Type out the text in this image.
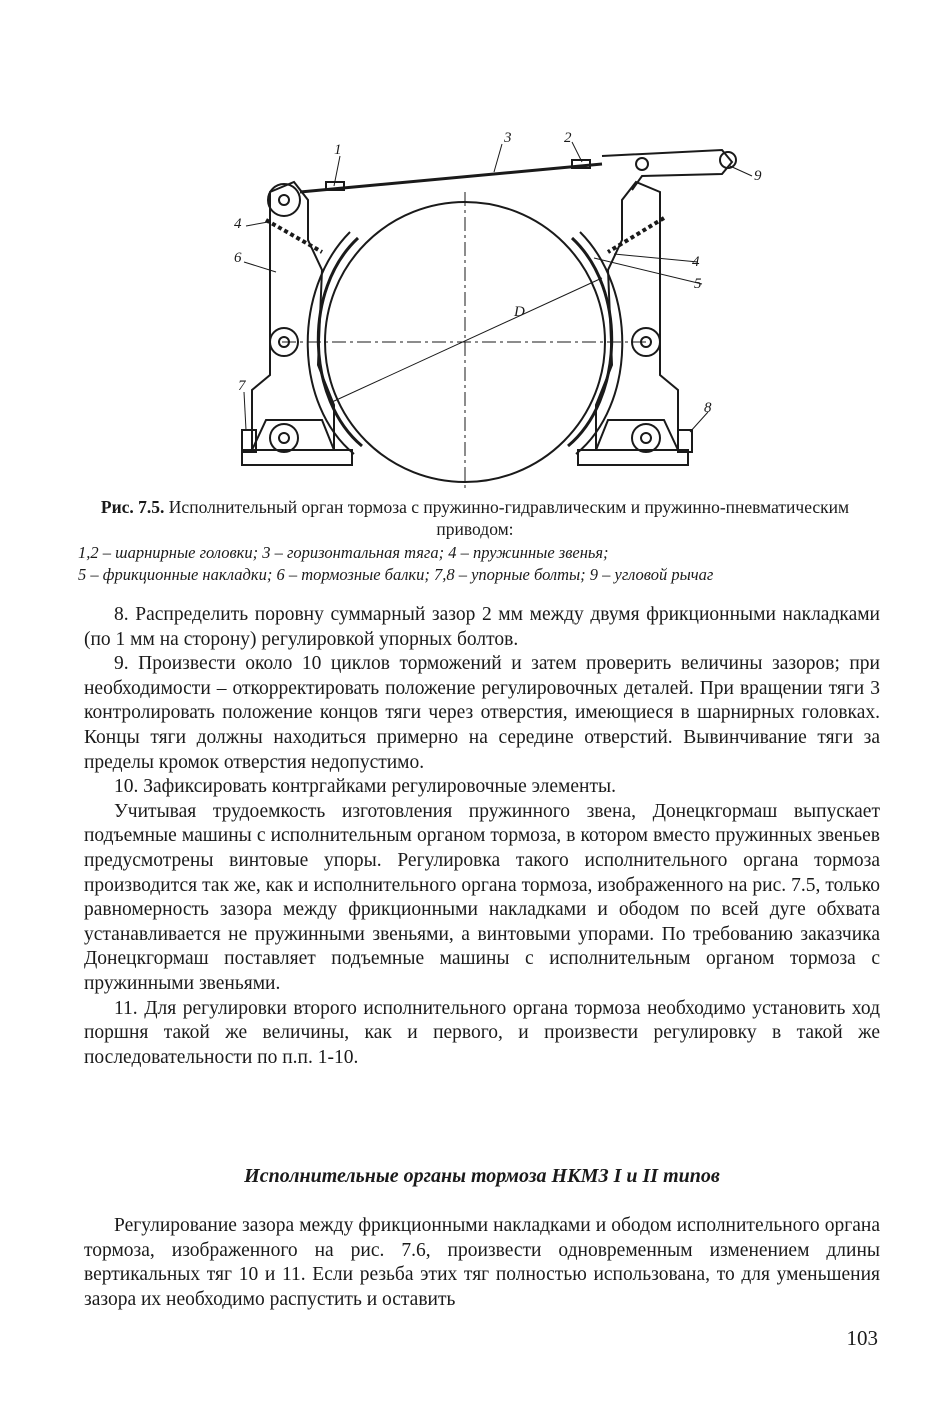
1
3	2
9
4
6	4
5
D
7
8
Рис. 7.5. Исполнительный орган тормоза с пружинно-гидравлическим и пружинно-пневматическим приводом:
1,2 – шарнирные головки; 3 – горизонтальная тяга; 4 – пружинные звенья;
5 – фрикционные накладки; 6 – тормозные балки; 7,8 – упорные болты; 9 – угловой рычаг

8. Распределить поровну суммарный зазор 2 мм между двумя фрикционными накладками (по 1 мм на сторону) регулировкой упорных болтов.

9. Произвести около 10 циклов торможений и затем проверить величины зазоров; при необходимости – откорректировать положение регулировочных деталей. При вращении тяги 3 контролировать положение концов тяги через отверстия, имеющиеся в шарнирных головках. Концы тяги должны находиться примерно на середине отверстий. Вывинчивание тяги за пределы кромок отверстия недопустимо.

10. Зафиксировать контргайками регулировочные элементы.

Учитывая трудоемкость изготовления пружинного звена, Донецкгормаш выпускает подъемные машины с исполнительным органом тормоза, в котором вместо пружинных звеньев предусмотрены винтовые упоры. Регулировка такого исполнительного органа тормоза производится так же, как и исполнительного органа тормоза, изображенного на рис. 7.5, только равномерность зазора между фрикционными накладками и ободом по всей дуге обхвата устанавливается не пружинными звеньями, а винтовыми упорами. По требованию заказчика Донецкгормаш поставляет подъемные машины с исполнительным органом тормоза с пружинными звеньями.

11. Для регулировки второго исполнительного органа тормоза необходимо установить ход поршня такой же величины, как и первого, и произвести регулировку в такой же последовательности по п.п. 1-10.

Исполнительные органы тормоза НКМЗ I и II типов

Регулирование зазора между фрикционными накладками и ободом исполнительного органа тормоза, изображенного на рис. 7.6, произвести одновременным изменением длины вертикальных тяг 10 и 11. Если резьба этих тяг полностью использована, то для уменьшения зазора их необходимо распустить и оставить

103
